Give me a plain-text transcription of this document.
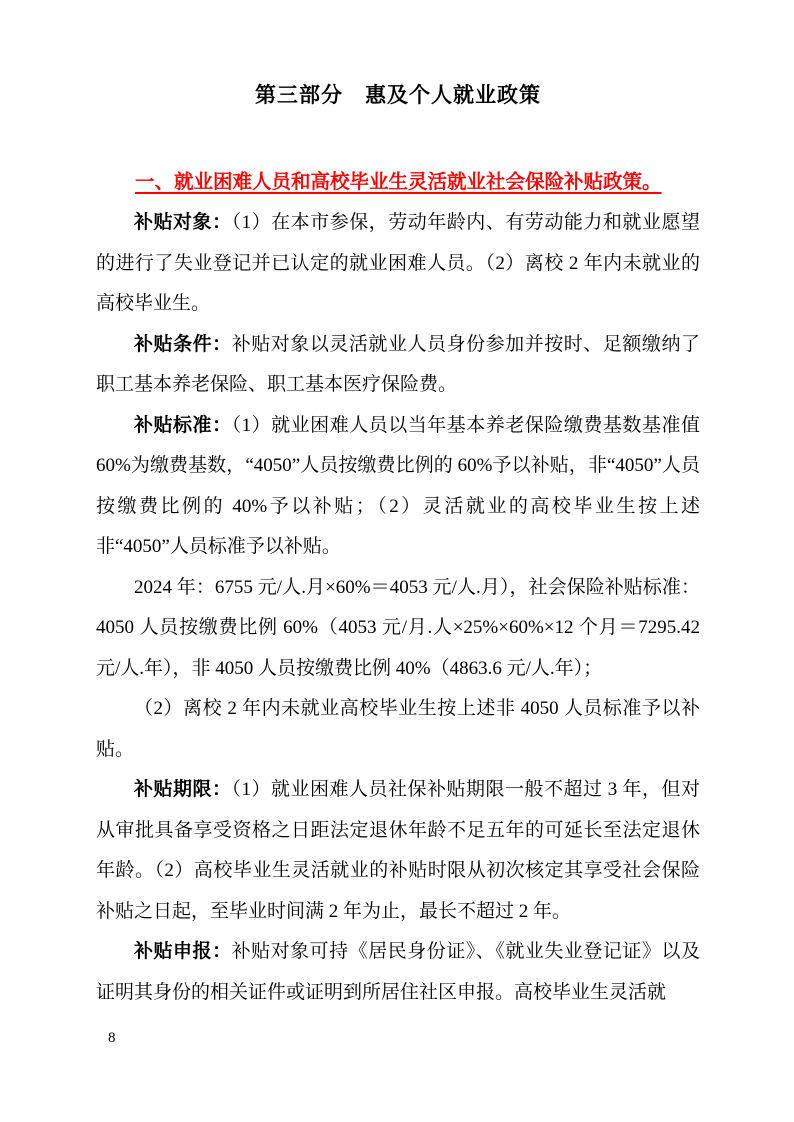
第三部分　惠及个人就业政策
一、就业困难人员和高校毕业生灵活就业社会保险补贴政策。

补贴对象：（1）在本市参保，劳动年龄内、有劳动能力和就业愿望的进行了失业登记并已认定的就业困难人员。（2）离校 2 年内未就业的高校毕业生。

补贴条件：补贴对象以灵活就业人员身份参加并按时、足额缴纳了职工基本养老保险、职工基本医疗保险费。

补贴标准：（1）就业困难人员以当年基本养老保险缴费基数基准值 60%为缴费基数，“4050”人员按缴费比例的 60%予以补贴，非“4050”人员按缴费比例的 40%予以补贴；（2）灵活就业的高校毕业生按上述非“4050”人员标准予以补贴。

2024 年：6755 元/人.月×60%＝4053 元/人.月），社会保险补贴标准：4050 人员按缴费比例 60%（4053 元/月.人×25%×60%×12 个月＝7295.42 元/人.年），非 4050 人员按缴费比例 40%（4863.6 元/人.年）；

（2）离校 2 年内未就业高校毕业生按上述非 4050 人员标准予以补贴。

补贴期限：（1）就业困难人员社保补贴期限一般不超过 3 年，但对从审批具备享受资格之日距法定退休年龄不足五年的可延长至法定退休年龄。（2）高校毕业生灵活就业的补贴时限从初次核定其享受社会保险补贴之日起，至毕业时间满 2 年为止，最长不超过 2 年。

补贴申报：补贴对象可持《居民身份证》、《就业失业登记证》以及证明其身份的相关证件或证明到所居住社区申报。高校毕业生灵活就

8
